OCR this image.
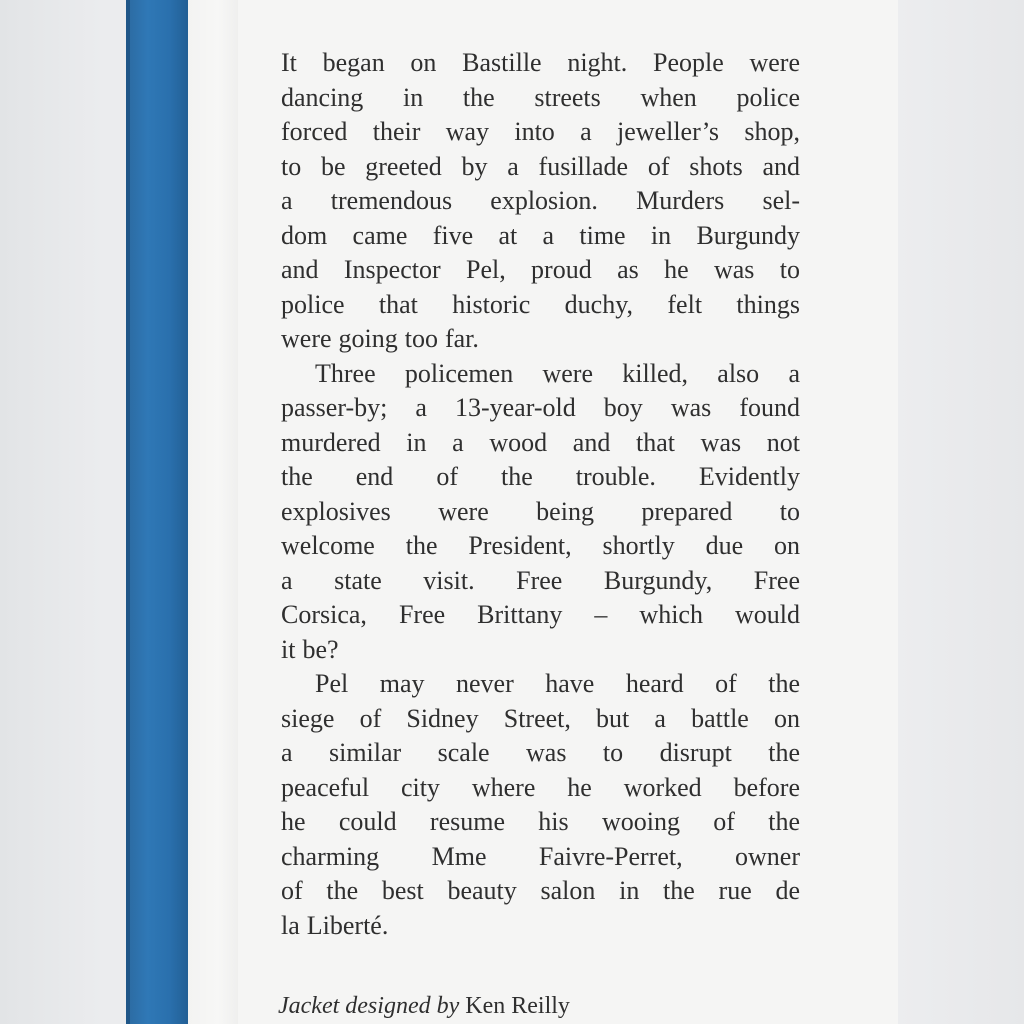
It began on Bastille night. People were
dancing in the streets when police
forced their way into a jeweller’s shop,
to be greeted by a fusillade of shots and
a tremendous explosion. Murders sel-
dom came five at a time in Burgundy
and Inspector Pel, proud as he was to
police that historic duchy, felt things
were going too far.

Three policemen were killed, also a
passer-by; a 13-year-old boy was found
murdered in a wood and that was not
the end of the trouble. Evidently
explosives were being prepared to
welcome the President, shortly due on
a state visit. Free Burgundy, Free
Corsica, Free Brittany – which would
it be?

Pel may never have heard of the
siege of Sidney Street, but a battle on
a similar scale was to disrupt the
peaceful city where he worked before
he could resume his wooing of the
charming Mme Faivre-Perret, owner
of the best beauty salon in the rue de
la Liberté.

Jacket designed by Ken Reilly
